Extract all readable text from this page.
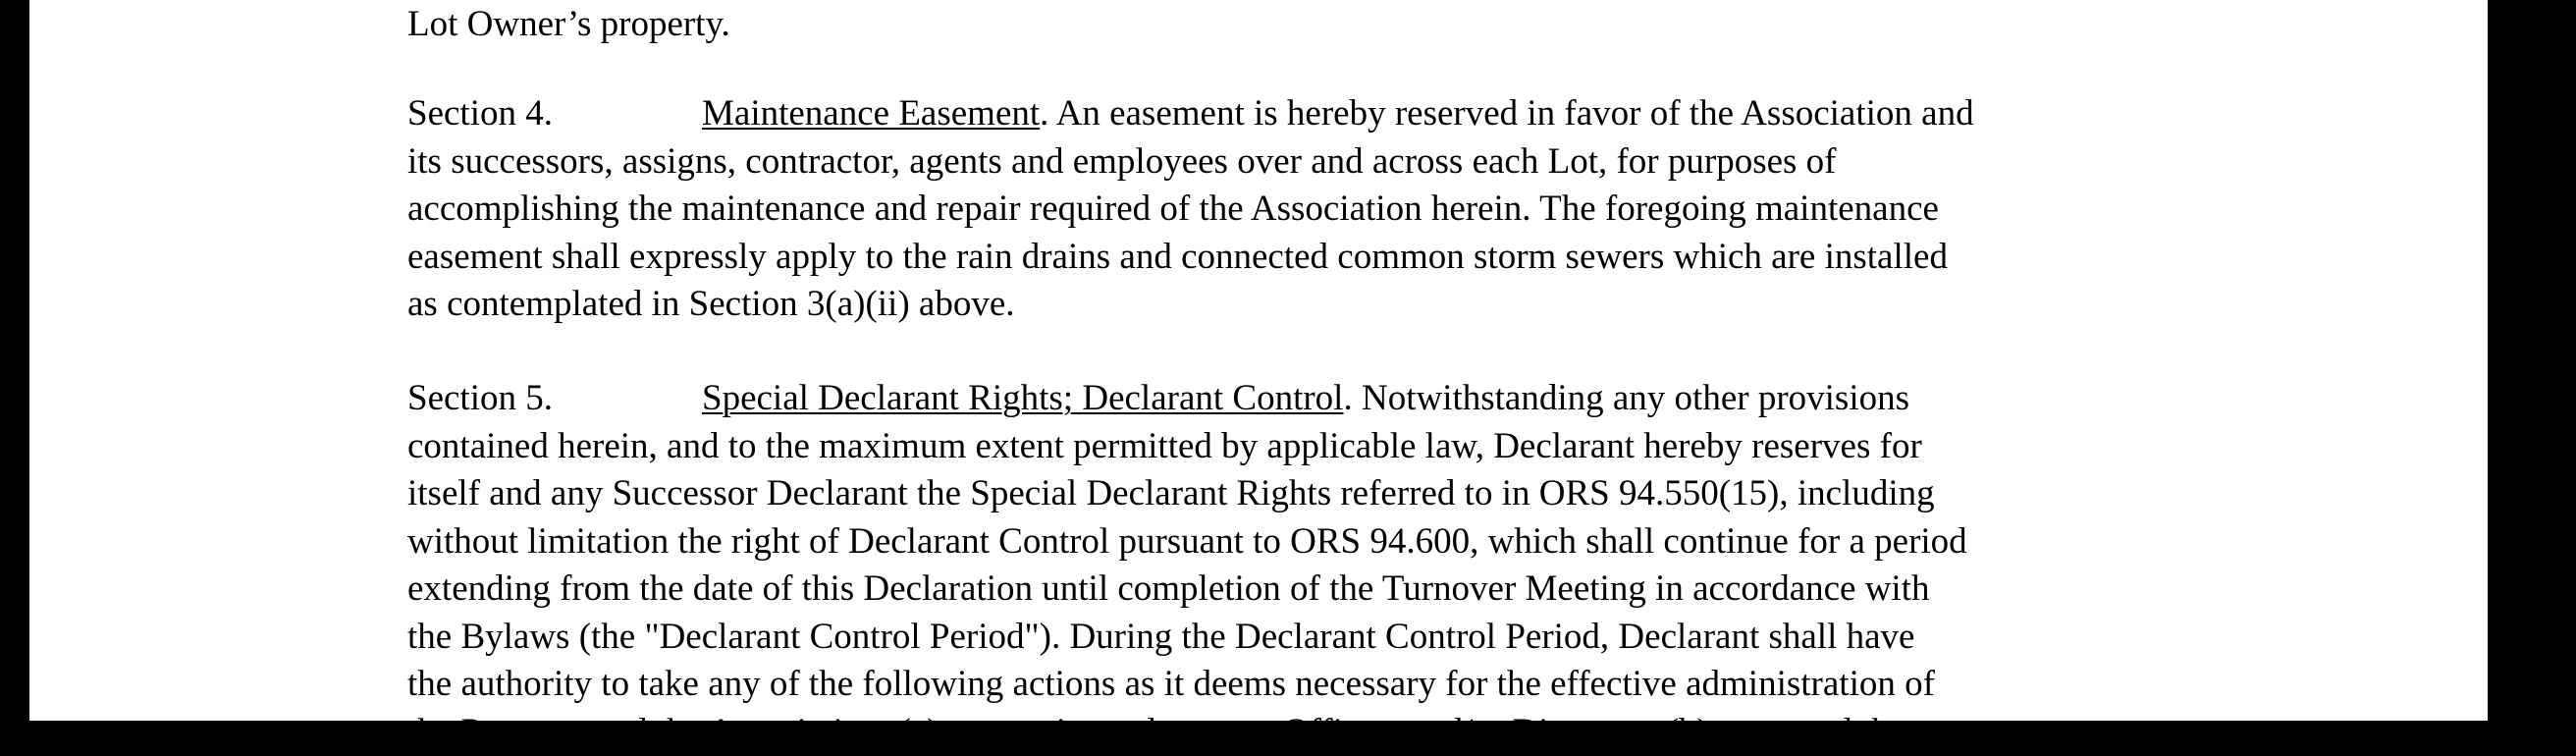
Lot Owner’s property.
Section 4.	Maintenance Easement. An easement is hereby reserved in favor of the Association and
its successors, assigns, contractor, agents and employees over and across each Lot, for purposes of
accomplishing the maintenance and repair required of the Association herein. The foregoing maintenance
easement shall expressly apply to the rain drains and connected common storm sewers which are installed
as contemplated in Section 3(a)(ii) above.
Section 5.	Special Declarant Rights; Declarant Control. Notwithstanding any other provisions
contained herein, and to the maximum extent permitted by applicable law, Declarant hereby reserves for
itself and any Successor Declarant the Special Declarant Rights referred to in ORS 94.550(15), including
without limitation the right of Declarant Control pursuant to ORS 94.600, which shall continue for a period
extending from the date of this Declaration until completion of the Turnover Meeting in accordance with
the Bylaws (the "Declarant Control Period"). During the Declarant Control Period, Declarant shall have
the authority to take any of the following actions as it deems necessary for the effective administration of
the Property and the Association: (a) to appoint and remove Officers and/or Directors; (b) to amend the
